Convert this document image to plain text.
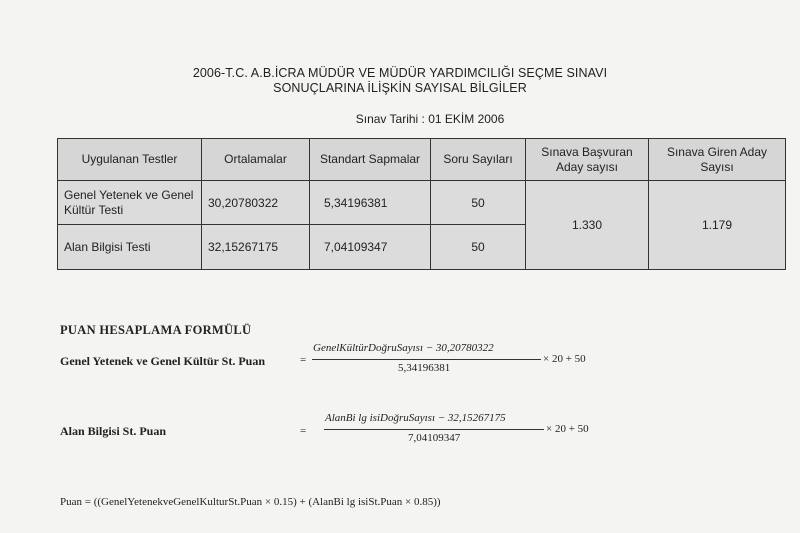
2006-T.C. A.B.İCRA MÜDÜR VE MÜDÜR YARDIMCILIĞI SEÇME SINAVI
SONUÇLARINA İLİŞKİN SAYISAL BİLGİLER
Sınav Tarihi : 01 EKİM 2006
Uygulanan Testler	Ortalamalar	Standart Sapmalar	Soru Sayıları	Sınava Başvuran Aday sayısı	Sınava Giren Aday Sayısı
Genel Yetenek ve Genel Kültür Testi	30,20780322	5,34196381	50	1.330	1.179
Alan Bilgisi Testi	32,15267175	7,04109347	50		
PUAN HESAPLAMA FORMÜLÜ
Genel Yetenek ve Genel Kültür St. Puan	=
GenelKültürDoğruSayısı − 30,20780322
5,34196381
× 20 + 50
Alan Bilgisi St. Puan	=
AlanBi lg isiDoğruSayısı − 32,15267175
7,04109347
× 20 + 50
Puan = ((GenelYetenekveGenelKulturSt.Puan × 0.15) + (AlanBi lg isiSt.Puan × 0.85))
